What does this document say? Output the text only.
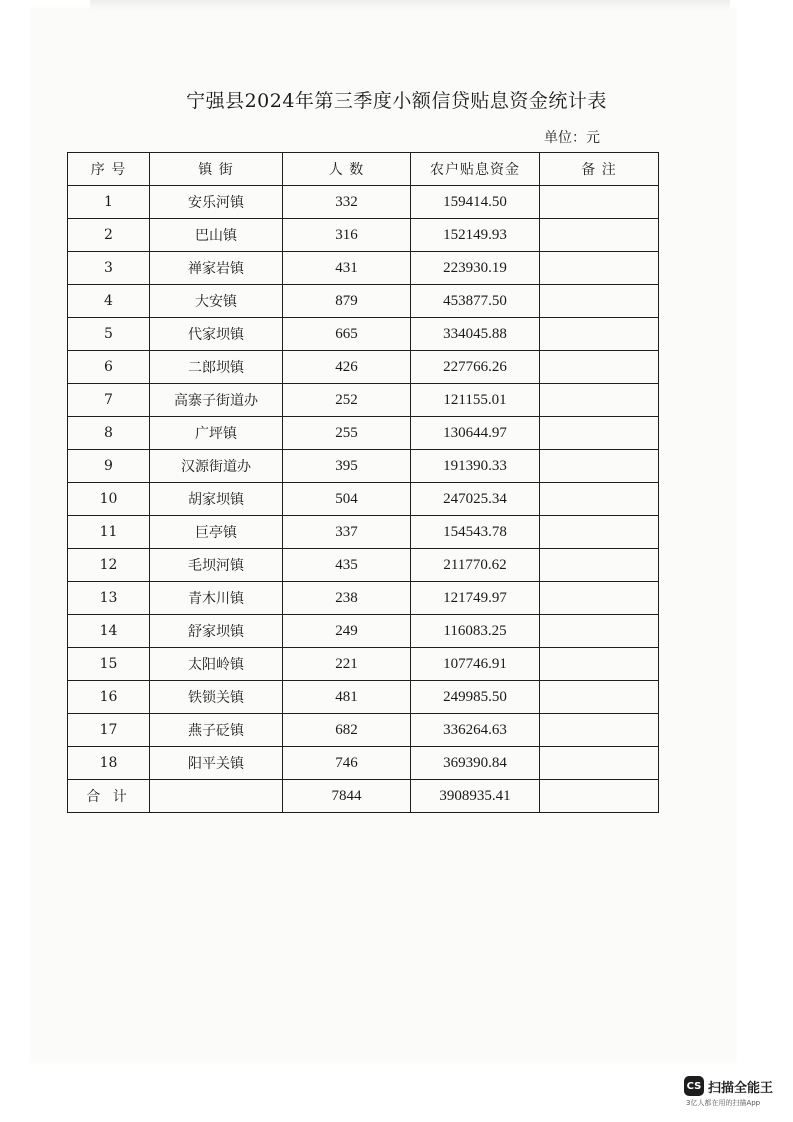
宁强县2024年第三季度小额信贷贴息资金统计表
单位：元
序 号	镇 街	人 数	农户贴息资金	备 注
1	安乐河镇	332	159414.50	
2	巴山镇	316	152149.93	
3	禅家岩镇	431	223930.19	
4	大安镇	879	453877.50	
5	代家坝镇	665	334045.88	
6	二郎坝镇	426	227766.26	
7	高寨子街道办	252	121155.01	
8	广坪镇	255	130644.97	
9	汉源街道办	395	191390.33	
10	胡家坝镇	504	247025.34	
11	巨亭镇	337	154543.78	
12	毛坝河镇	435	211770.62	
13	青木川镇	238	121749.97	
14	舒家坝镇	249	116083.25	
15	太阳岭镇	221	107746.91	
16	铁锁关镇	481	249985.50	
17	燕子砭镇	682	336264.63	
18	阳平关镇	746	369390.84	
合 计		7844	3908935.41	
CS 扫描全能王
3亿人都在用的扫描App
